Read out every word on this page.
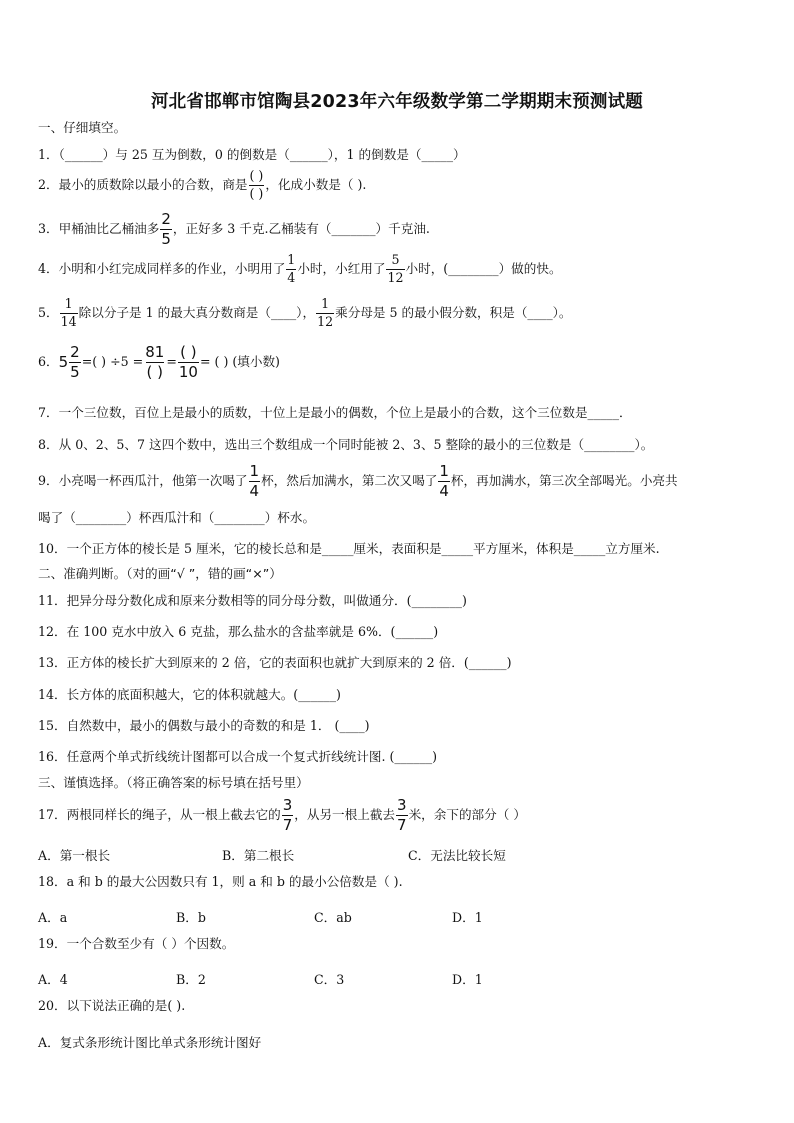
河北省邯郸市馆陶县2023年六年级数学第二学期期末预测试题
一、仔细填空。
1．（______）与 25 互为倒数，0 的倒数是（______），1 的倒数是（_____）
2．最小的质数除以最小的合数，商是 $\frac{( )}{( )}$ ，化成小数是（ ).
3．甲桶油比乙桶油多 $\frac{2}{5}$ ，正好多 3 千克.乙桶装有（_______）千克油.
4．小明和小红完成同样多的作业，小明用了 $\frac{1}{4}$ 小时，小红用了 $\frac{5}{12}$ 小时，(________）做的快。
5． $\frac{1}{14}$ 除以分子是 1 的最大真分数商是（____）， $\frac{1}{12}$ 乘分母是 5 的最小假分数，积是（____）。
6．$5 \frac{2}{5}$ =( ) $\div 5 = \frac{81}{( )} = \frac{( )}{10}$ = ( ) (填小数)
7．一个三位数，百位上是最小的质数，十位上是最小的偶数，个位上是最小的合数，这个三位数是_____．
8．从 0、2、5、7 这四个数中，选出三个数组成一个同时能被 2、3、5 整除的最小的三位数是（________）。
9．小亮喝一杯西瓜汁，他第一次喝了 $\frac{1}{4}$ 杯，然后加满水，第二次又喝了 $\frac{1}{4}$ 杯，再加满水，第三次全部喝光。小亮共
喝了（________）杯西瓜汁和（________）杯水。
10．一个正方体的棱长是 5 厘米，它的棱长总和是_____厘米，表面积是_____平方厘米，体积是_____立方厘米.
二、准确判断。（对的画“√ ”，错的画“×”）
11．把异分母分数化成和原来分数相等的同分母分数，叫做通分．(________)
12．在 100 克水中放入 6 克盐，那么盐水的含盐率就是 6%．(______)
13．正方体的棱长扩大到原来的 2 倍，它的表面积也就扩大到原来的 2 倍．(______)
14．长方体的底面积越大，它的体积就越大。(______)
15．自然数中，最小的偶数与最小的奇数的和是 1． (____)
16．任意两个单式折线统计图都可以合成一个复式折线统计图. (______)
三、谨慎选择。（将正确答案的标号填在括号里）
17．两根同样长的绳子，从一根上截去它的 $\frac{3}{7}$ ，从另一根上截去 $\frac{3}{7}$ 米，余下的部分（ ）
A．第一根长	B．第二根长	C．无法比较长短
18．a 和 b 的最大公因数只有 1，则 a 和 b 的最小公倍数是（ ).
A．a	B．b	C．ab	D．1
19．一个合数至少有（ ）个因数。
A．4	B．2	C．3	D．1
20．以下说法正确的是( ).
A．复式条形统计图比单式条形统计图好
